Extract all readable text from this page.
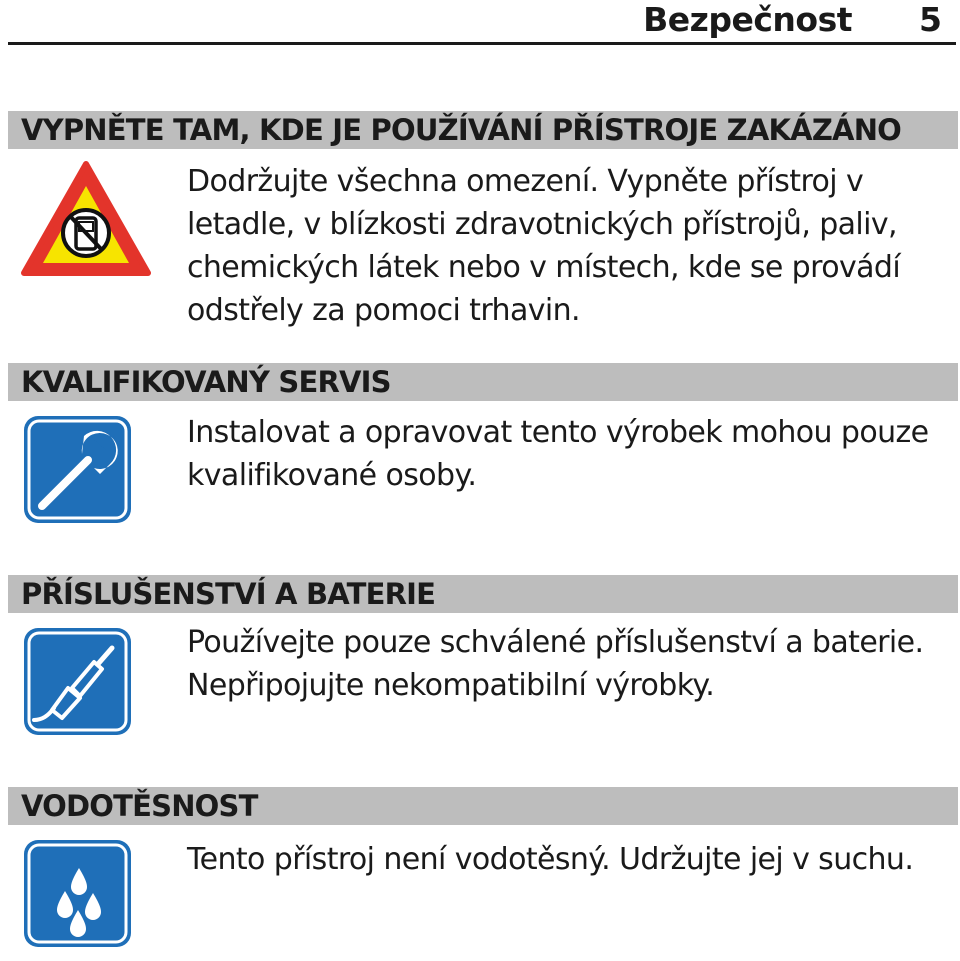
Bezpečnost 5
VYPNĚTE TAM, KDE JE POUŽÍVÁNÍ PŘÍSTROJE ZAKÁZÁNO
Dodržujte všechna omezení. Vypněte přístroj v letadle, v blízkosti zdravotnických přístrojů, paliv, chemických látek nebo v místech, kde se provádí odstřely za pomoci trhavin.
KVALIFIKOVANÝ SERVIS
Instalovat a opravovat tento výrobek mohou pouze kvalifikované osoby.
PŘÍSLUŠENSTVÍ A BATERIE
Používejte pouze schválené příslušenství a baterie. Nepřipojujte nekompatibilní výrobky.
VODOTĚSNOST
Tento přístroj není vodotěsný. Udržujte jej v suchu.
